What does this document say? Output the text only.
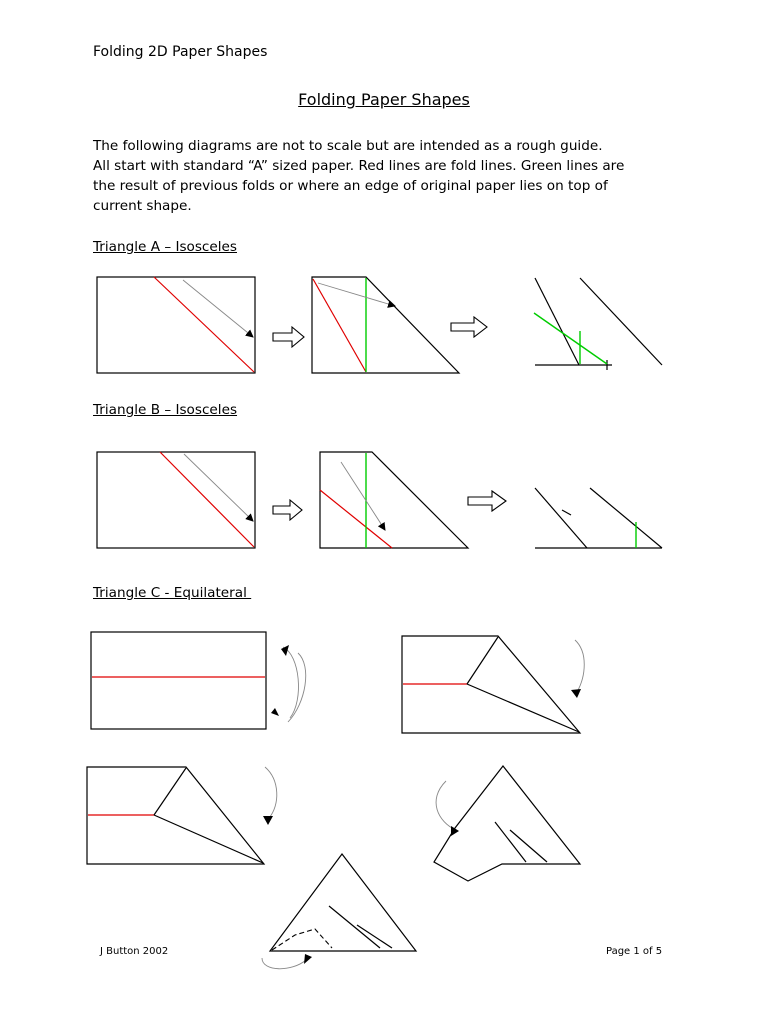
Folding 2D Paper Shapes
Folding Paper Shapes
The following diagrams are not to scale but are intended as a rough guide.
All start with standard “A” sized paper. Red lines are fold lines. Green lines are
the result of previous folds or where an edge of original paper lies on top of
current shape.
Triangle A – Isosceles
Triangle B – Isosceles
Triangle C - Equilateral
J Button 2002	Page 1 of 5
